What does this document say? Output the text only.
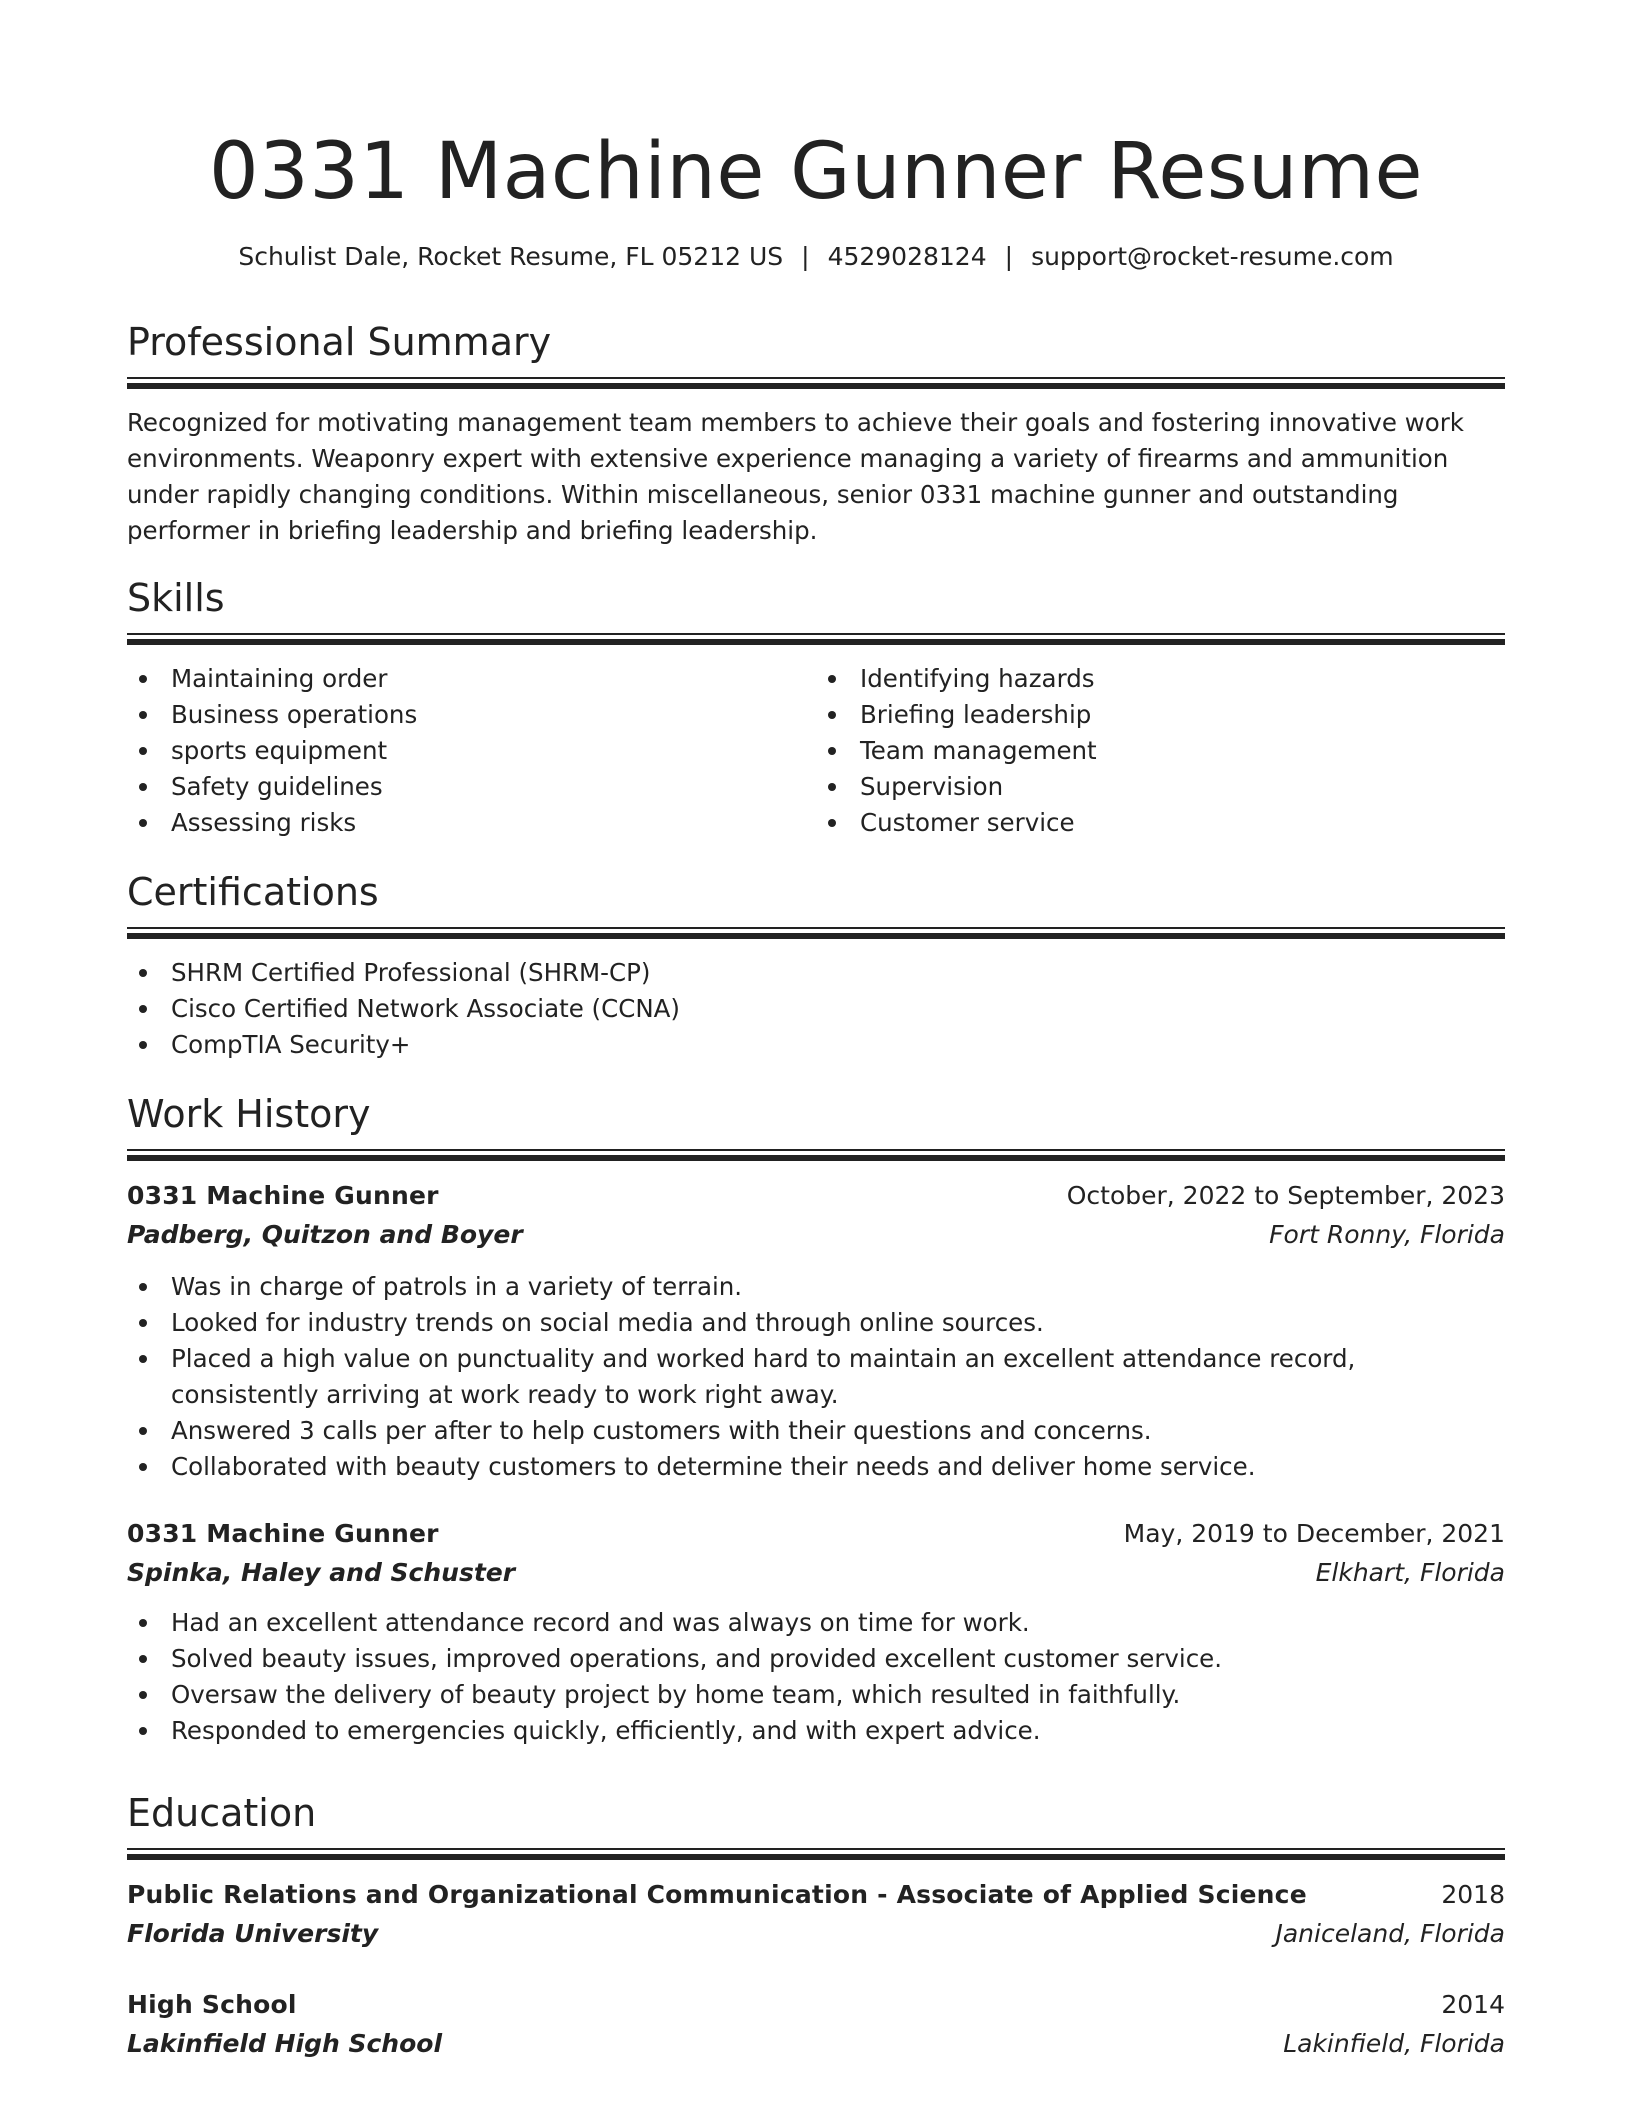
0331 Machine Gunner Resume
Schulist Dale, Rocket Resume, FL 05212 US | 4529028124 | support@rocket-resume.com
Professional Summary

Recognized for motivating management team members to achieve their goals and fostering innovative work environments. Weaponry expert with extensive experience managing a variety of firearms and ammunition under rapidly changing conditions. Within miscellaneous, senior 0331 machine gunner and outstanding performer in briefing leadership and briefing leadership.

Skills
Maintaining order
Business operations
sports equipment
Safety guidelines
Assessing risks
Identifying hazards
Briefing leadership
Team management
Supervision
Customer service
Certifications
SHRM Certified Professional (SHRM-CP)
Cisco Certified Network Associate (CCNA)
CompTIA Security+
Work History
0331 Machine Gunner	October, 2022 to September, 2023
Padberg, Quitzon and Boyer	Fort Ronny, Florida
Was in charge of patrols in a variety of terrain.
Looked for industry trends on social media and through online sources.
Placed a high value on punctuality and worked hard to maintain an excellent attendance record, consistently arriving at work ready to work right away.
Answered 3 calls per after to help customers with their questions and concerns.
Collaborated with beauty customers to determine their needs and deliver home service.
0331 Machine Gunner	May, 2019 to December, 2021
Spinka, Haley and Schuster	Elkhart, Florida
Had an excellent attendance record and was always on time for work.
Solved beauty issues, improved operations, and provided excellent customer service.
Oversaw the delivery of beauty project by home team, which resulted in faithfully.
Responded to emergencies quickly, efficiently, and with expert advice.
Education
Public Relations and Organizational Communication - Associate of Applied Science	2018
Florida University	Janiceland, Florida
High School	2014
Lakinfield High School	Lakinfield, Florida
